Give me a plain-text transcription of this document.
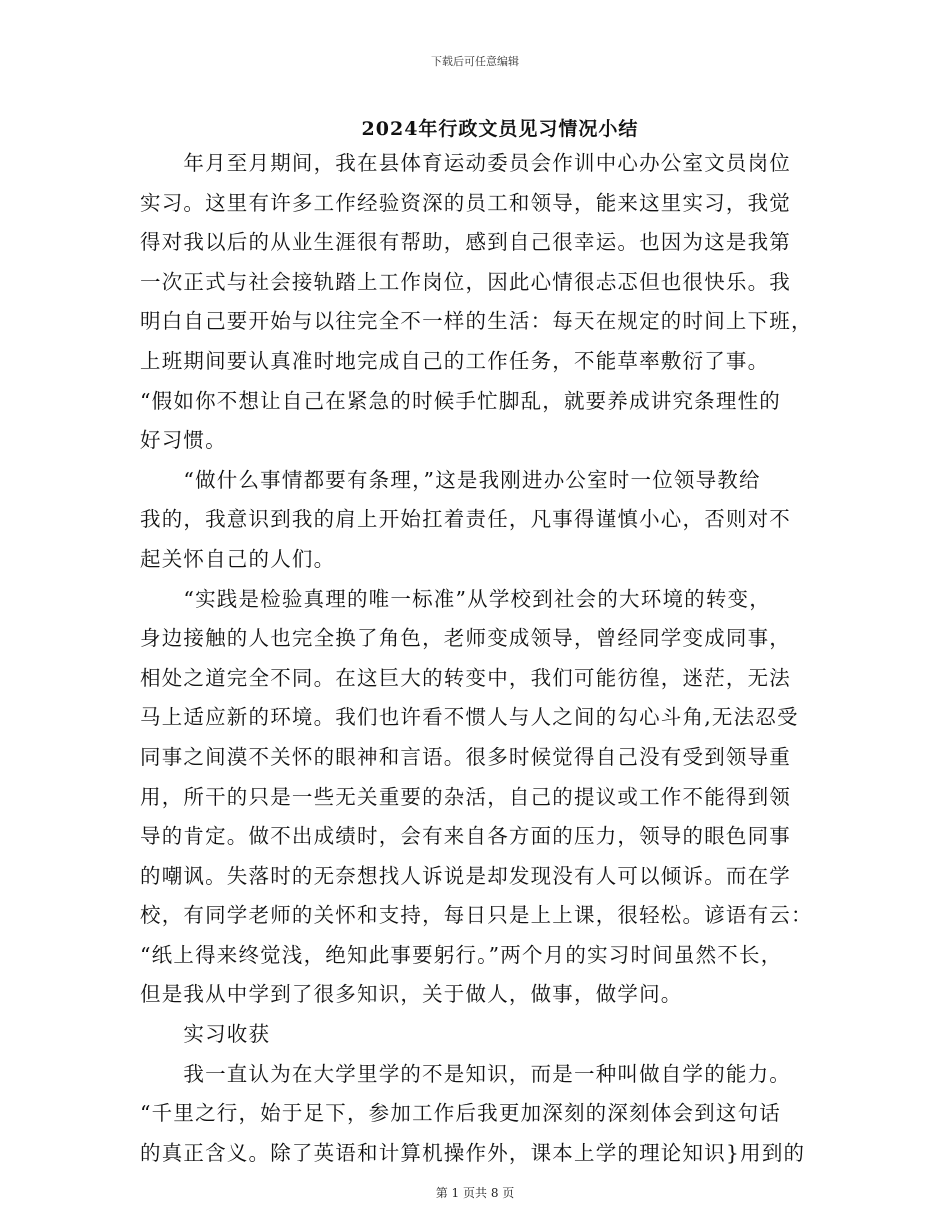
下载后可任意编辑
2024年行政文员见习情况小结

　　年月至月期间，我在县体育运动委员会作训中心办公室文员岗位

实习。这里有许多工作经验资深的员工和领导，能来这里实习，我觉

得对我以后的从业生涯很有帮助，感到自己很幸运。也因为这是我第

一次正式与社会接轨踏上工作岗位，因此心情很忐忑但也很快乐。我

明白自己要开始与以往完全不一样的生活：每天在规定的时间上下班，

上班期间要认真准时地完成自己的工作任务，不能草率敷衍了事。

“假如你不想让自己在紧急的时候手忙脚乱，就要养成讲究条理性的

好习惯。

　　“做什么事情都要有条理，”这是我刚进办公室时一位领导教给

我的，我意识到我的肩上开始扛着责任，凡事得谨慎小心，否则对不

起关怀自己的人们。

　　“实践是检验真理的唯一标准”从学校到社会的大环境的转变，

身边接触的人也完全换了角色，老师变成领导，曾经同学变成同事，

相处之道完全不同。在这巨大的转变中，我们可能彷徨，迷茫，无法

马上适应新的环境。我们也许看不惯人与人之间的勾心斗角,无法忍受

同事之间漠不关怀的眼神和言语。很多时候觉得自己没有受到领导重

用，所干的只是一些无关重要的杂活，自己的提议或工作不能得到领

导的肯定。做不出成绩时，会有来自各方面的压力，领导的眼色同事

的嘲讽。失落时的无奈想找人诉说是却发现没有人可以倾诉。而在学

校，有同学老师的关怀和支持，每日只是上上课，很轻松。谚语有云：

“纸上得来终觉浅，绝知此事要躬行。”两个月的实习时间虽然不长，

但是我从中学到了很多知识，关于做人，做事，做学问。

　　实习收获

　　我一直认为在大学里学的不是知识，而是一种叫做自学的能力。

“千里之行，始于足下，参加工作后我更加深刻的深刻体会到这句话

的真正含义。除了英语和计算机操作外，课本上学的理论知识}用到的

第 1 页共 8 页
